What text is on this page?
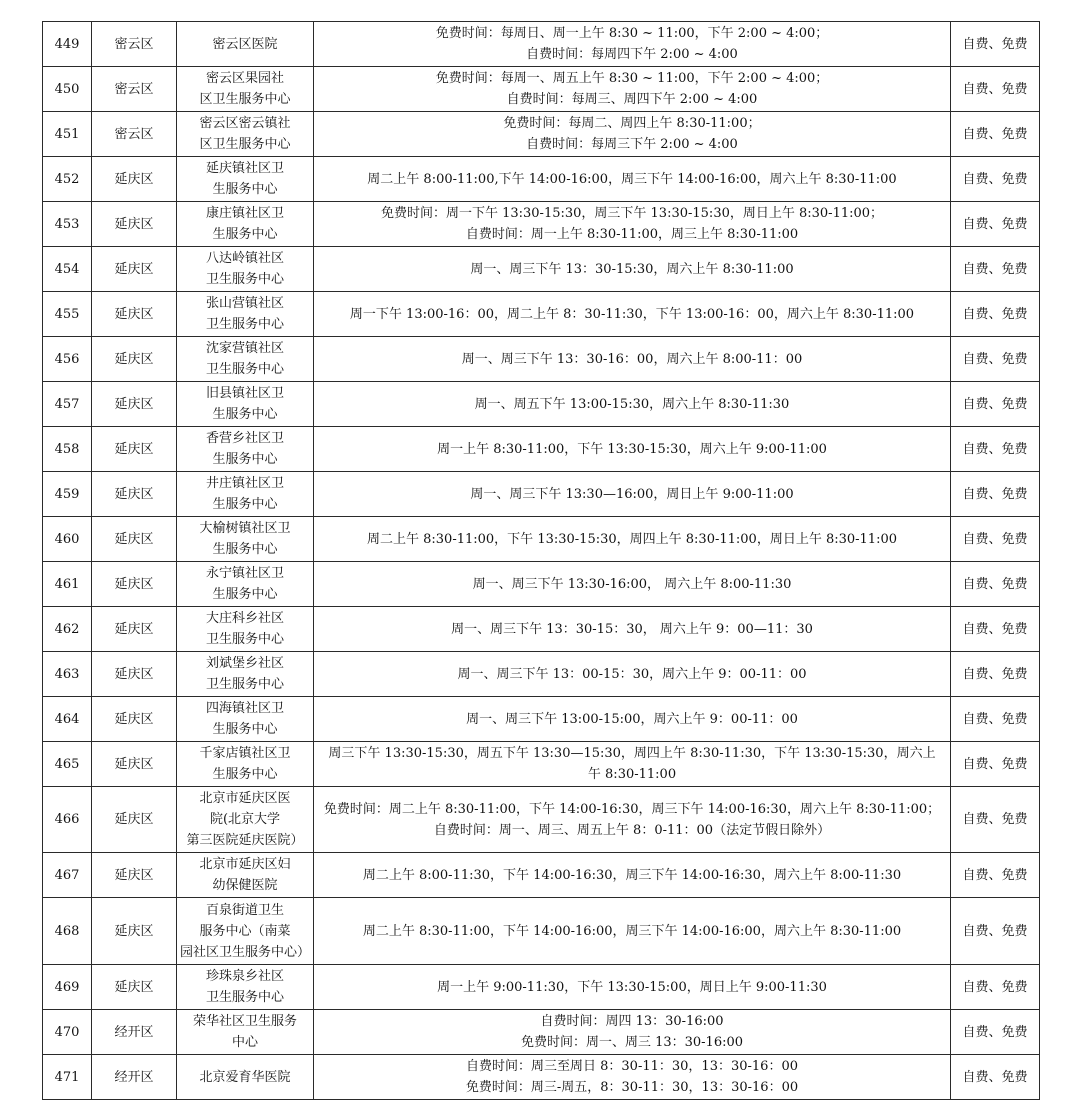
449	密云区	密云区医院	免费时间：每周日、周一上午 8:30 ~ 11:00，下午 2:00 ~ 4:00；
自费时间：每周四下午 2:00 ~ 4:00	自费、免费
450	密云区	密云区果园社
区卫生服务中心	免费时间：每周一、周五上午 8:30 ~ 11:00，下午 2:00 ~ 4:00；
自费时间：每周三、周四下午 2:00 ~ 4:00	自费、免费
451	密云区	密云区密云镇社
区卫生服务中心	免费时间：每周二、周四上午 8:30-11:00；
自费时间：每周三下午 2:00 ~ 4:00	自费、免费
452	延庆区	延庆镇社区卫
生服务中心	周二上午 8:00-11:00,下午 14:00-16:00，周三下午 14:00-16:00，周六上午 8:30-11:00	自费、免费
453	延庆区	康庄镇社区卫
生服务中心	免费时间：周一下午 13:30-15:30，周三下午 13:30-15:30，周日上午 8:30-11:00；
自费时间：周一上午 8:30-11:00，周三上午 8:30-11:00	自费、免费
454	延庆区	八达岭镇社区
卫生服务中心	周一、周三下午 13：30-15:30，周六上午 8:30-11:00	自费、免费
455	延庆区	张山营镇社区
卫生服务中心	周一下午 13:00-16：00，周二上午 8：30-11:30，下午 13:00-16：00，周六上午 8:30-11:00	自费、免费
456	延庆区	沈家营镇社区
卫生服务中心	周一、周三下午 13：30-16：00，周六上午 8:00-11：00	自费、免费
457	延庆区	旧县镇社区卫
生服务中心	周一、周五下午 13:00-15:30，周六上午 8:30-11:30	自费、免费
458	延庆区	香营乡社区卫
生服务中心	周一上午 8:30-11:00，下午 13:30-15:30，周六上午 9:00-11:00	自费、免费
459	延庆区	井庄镇社区卫
生服务中心	周一、周三下午 13:30—16:00，周日上午 9:00-11:00	自费、免费
460	延庆区	大榆树镇社区卫
生服务中心	周二上午 8:30-11:00，下午 13:30-15:30，周四上午 8:30-11:00，周日上午 8:30-11:00	自费、免费
461	延庆区	永宁镇社区卫
生服务中心	周一、周三下午 13:30-16:00， 周六上午 8:00-11:30	自费、免费
462	延庆区	大庄科乡社区
卫生服务中心	周一、周三下午 13：30-15：30， 周六上午 9：00—11：30	自费、免费
463	延庆区	刘斌堡乡社区
卫生服务中心	周一、周三下午 13：00-15：30，周六上午 9：00-11：00	自费、免费
464	延庆区	四海镇社区卫
生服务中心	周一、周三下午 13:00-15:00，周六上午 9：00-11：00	自费、免费
465	延庆区	千家店镇社区卫
生服务中心	周三下午 13:30-15:30，周五下午 13:30—15:30，周四上午 8:30-11:30，下午 13:30-15:30，周六上
午 8:30-11:00	自费、免费
466	延庆区	北京市延庆区医
院(北京大学
第三医院延庆医院）	免费时间：周二上午 8:30-11:00，下午 14:00-16:30，周三下午 14:00-16:30，周六上午 8:30-11:00；
自费时间：周一、周三、周五上午 8：0-11：00（法定节假日除外）	自费、免费
467	延庆区	北京市延庆区妇
幼保健医院	周二上午 8:00-11:30，下午 14:00-16:30，周三下午 14:00-16:30，周六上午 8:00-11:30	自费、免费
468	延庆区	百泉街道卫生
服务中心（南菜
园社区卫生服务中心）	周二上午 8:30-11:00，下午 14:00-16:00，周三下午 14:00-16:00，周六上午 8:30-11:00	自费、免费
469	延庆区	珍珠泉乡社区
卫生服务中心	周一上午 9:00-11:30，下午 13:30-15:00，周日上午 9:00-11:30	自费、免费
470	经开区	荣华社区卫生服务
中心	自费时间：周四 13：30-16:00
免费时间：周一、周三 13：30-16:00	自费、免费
471	经开区	北京爱育华医院	自费时间：周三至周日 8：30-11：30，13：30-16：00
免费时间：周三-周五，8：30-11：30，13：30-16：00	自费、免费
